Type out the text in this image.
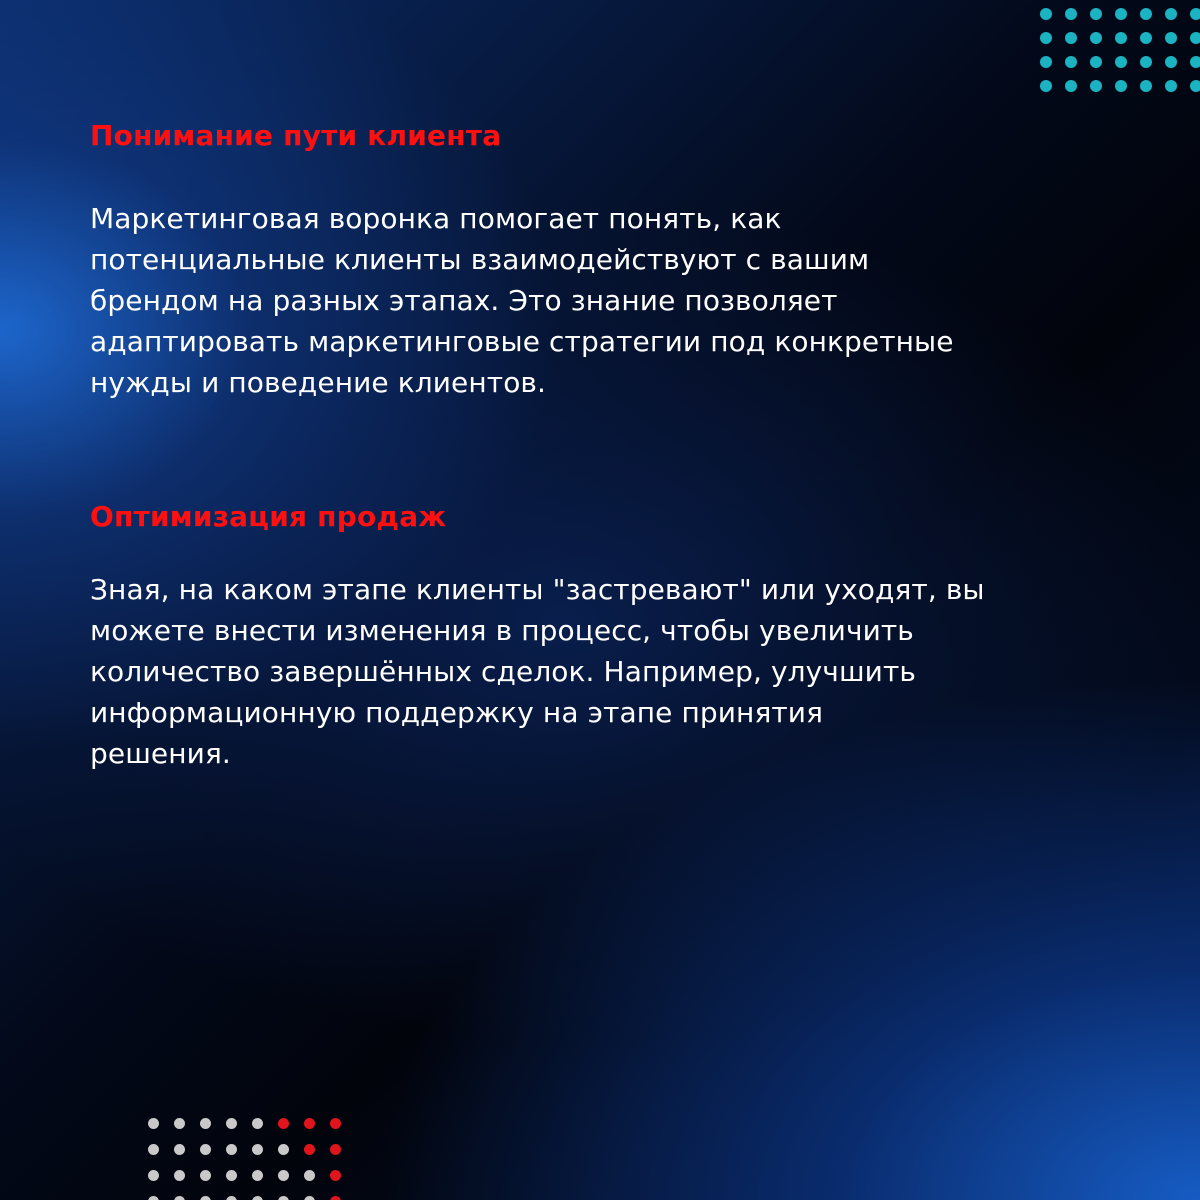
Понимание пути клиента

Маркетинговая воронка помогает понять, как
потенциальные клиенты взаимодействуют с вашим
брендом на разных этапах. Это знание позволяет
адаптировать маркетинговые стратегии под конкретные
нужды и поведение клиентов.

Оптимизация продаж

Зная, на каком этапе клиенты "застревают" или уходят, вы
можете внести изменения в процесс, чтобы увеличить
количество завершённых сделок. Например, улучшить
информационную поддержку на этапе принятия
решения.
